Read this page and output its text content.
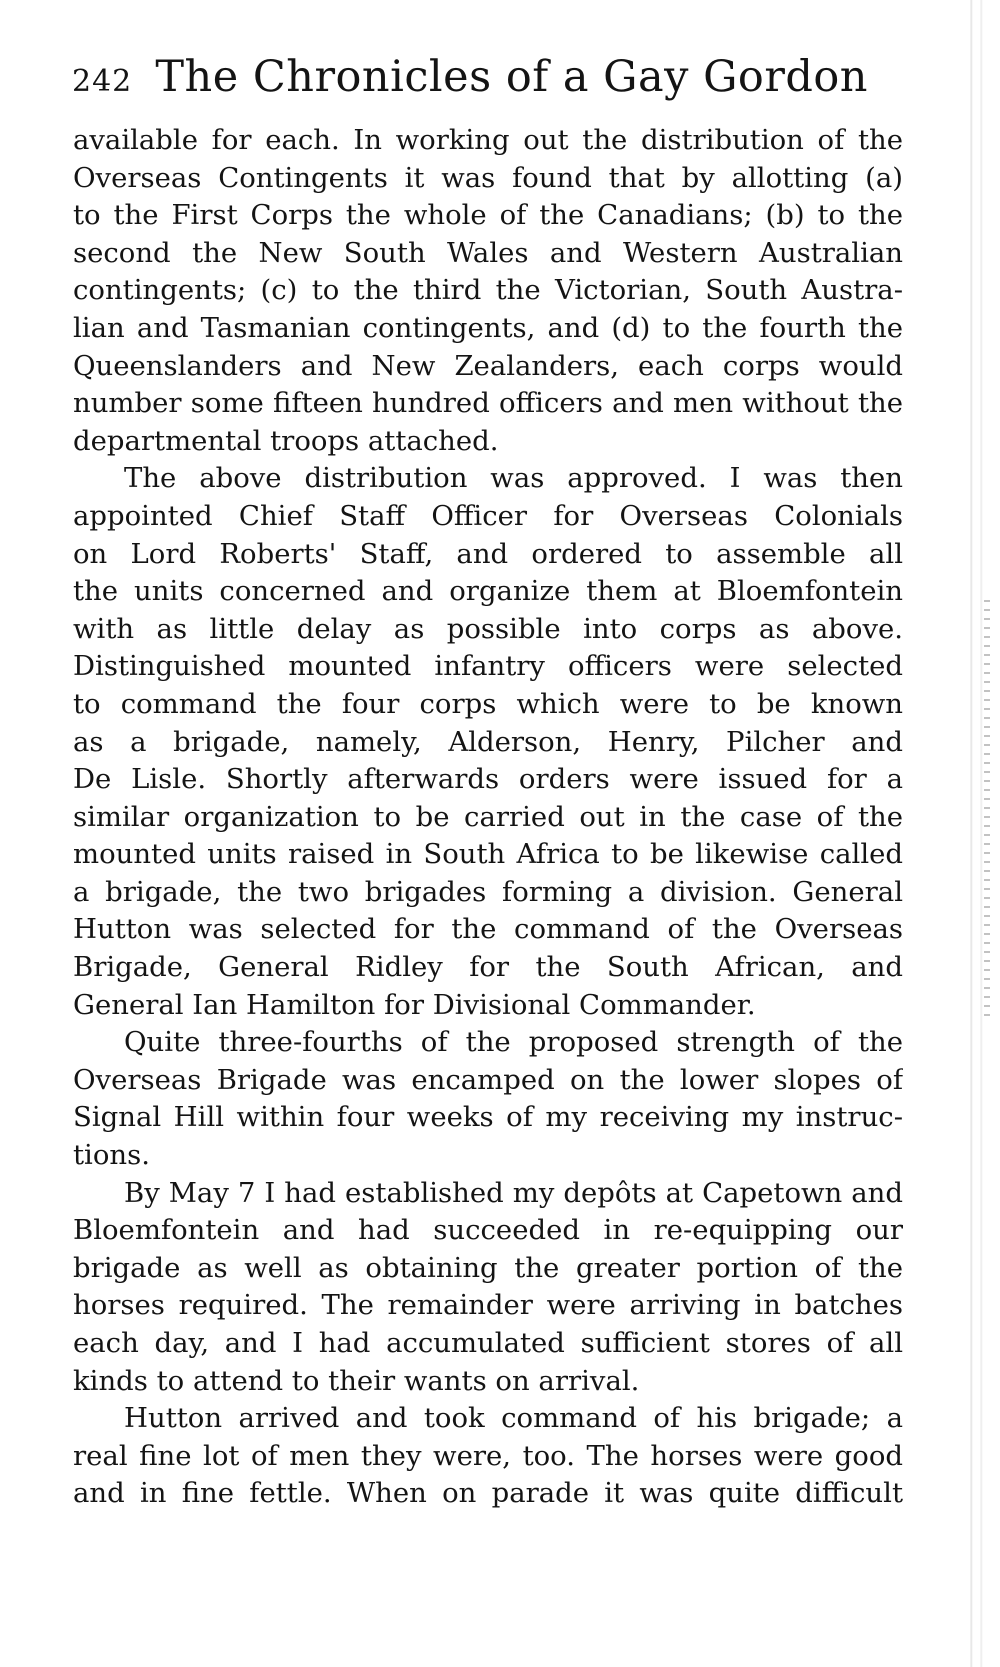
242 The Chronicles of a Gay Gordon

available for each. In working out the distribution of the
Overseas Contingents it was found that by allotting (a)
to the First Corps the whole of the Canadians; (b) to the
second the New South Wales and Western Australian
contingents; (c) to the third the Victorian, South Austra-
lian and Tasmanian contingents, and (d) to the fourth the
Queenslanders and New Zealanders, each corps would
number some fifteen hundred officers and men without the
departmental troops attached.

The above distribution was approved. I was then
appointed Chief Staff Officer for Overseas Colonials
on Lord Roberts' Staff, and ordered to assemble all
the units concerned and organize them at Bloemfontein
with as little delay as possible into corps as above.
Distinguished mounted infantry officers were selected
to command the four corps which were to be known
as a brigade, namely, Alderson, Henry, Pilcher and
De Lisle. Shortly afterwards orders were issued for a
similar organization to be carried out in the case of the
mounted units raised in South Africa to be likewise called
a brigade, the two brigades forming a division. General
Hutton was selected for the command of the Overseas
Brigade, General Ridley for the South African, and
General Ian Hamilton for Divisional Commander.

Quite three-fourths of the proposed strength of the
Overseas Brigade was encamped on the lower slopes of
Signal Hill within four weeks of my receiving my instruc-
tions.

By May 7 I had established my depôts at Capetown and
Bloemfontein and had succeeded in re-equipping our
brigade as well as obtaining the greater portion of the
horses required. The remainder were arriving in batches
each day, and I had accumulated sufficient stores of all
kinds to attend to their wants on arrival.

Hutton arrived and took command of his brigade; a
real fine lot of men they were, too. The horses were good
and in fine fettle. When on parade it was quite difficult
